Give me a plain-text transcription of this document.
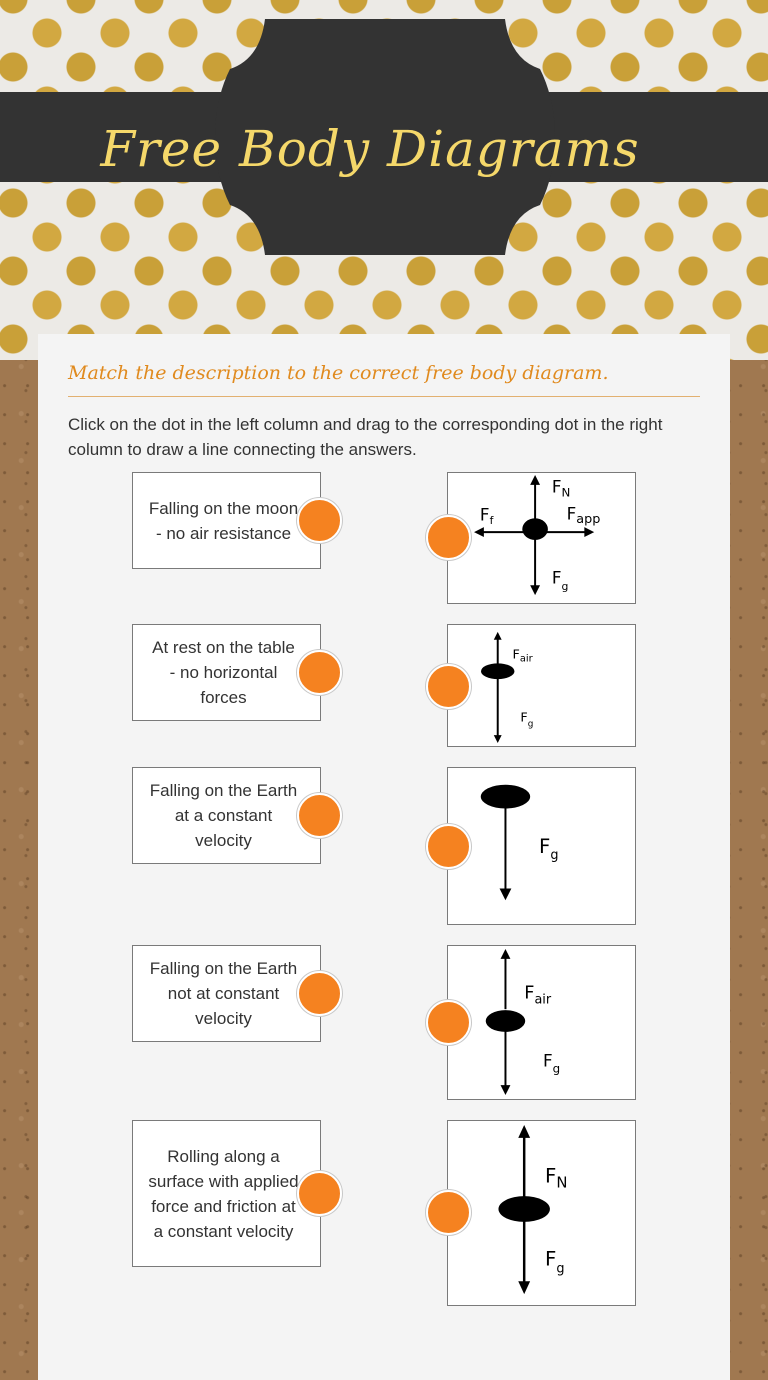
Free Body Diagrams
Match the description to the correct free body diagram.
Click on the dot in the left column and drag to the corresponding dot in the right column to draw a line connecting the answers.
Falling on the moon - no air resistance
At rest on the table - no horizontal forces
Falling on the Earth at a constant velocity
Falling on the Earth not at constant velocity
Rolling along a surface with applied force and friction at a constant velocity
$F_N$
$F_f$	$F_{app}$
$F_g$
$F_{air}$
$F_g$
$F_g$
$F_{air}$
$F_g$
$F_N$
$F_g$
